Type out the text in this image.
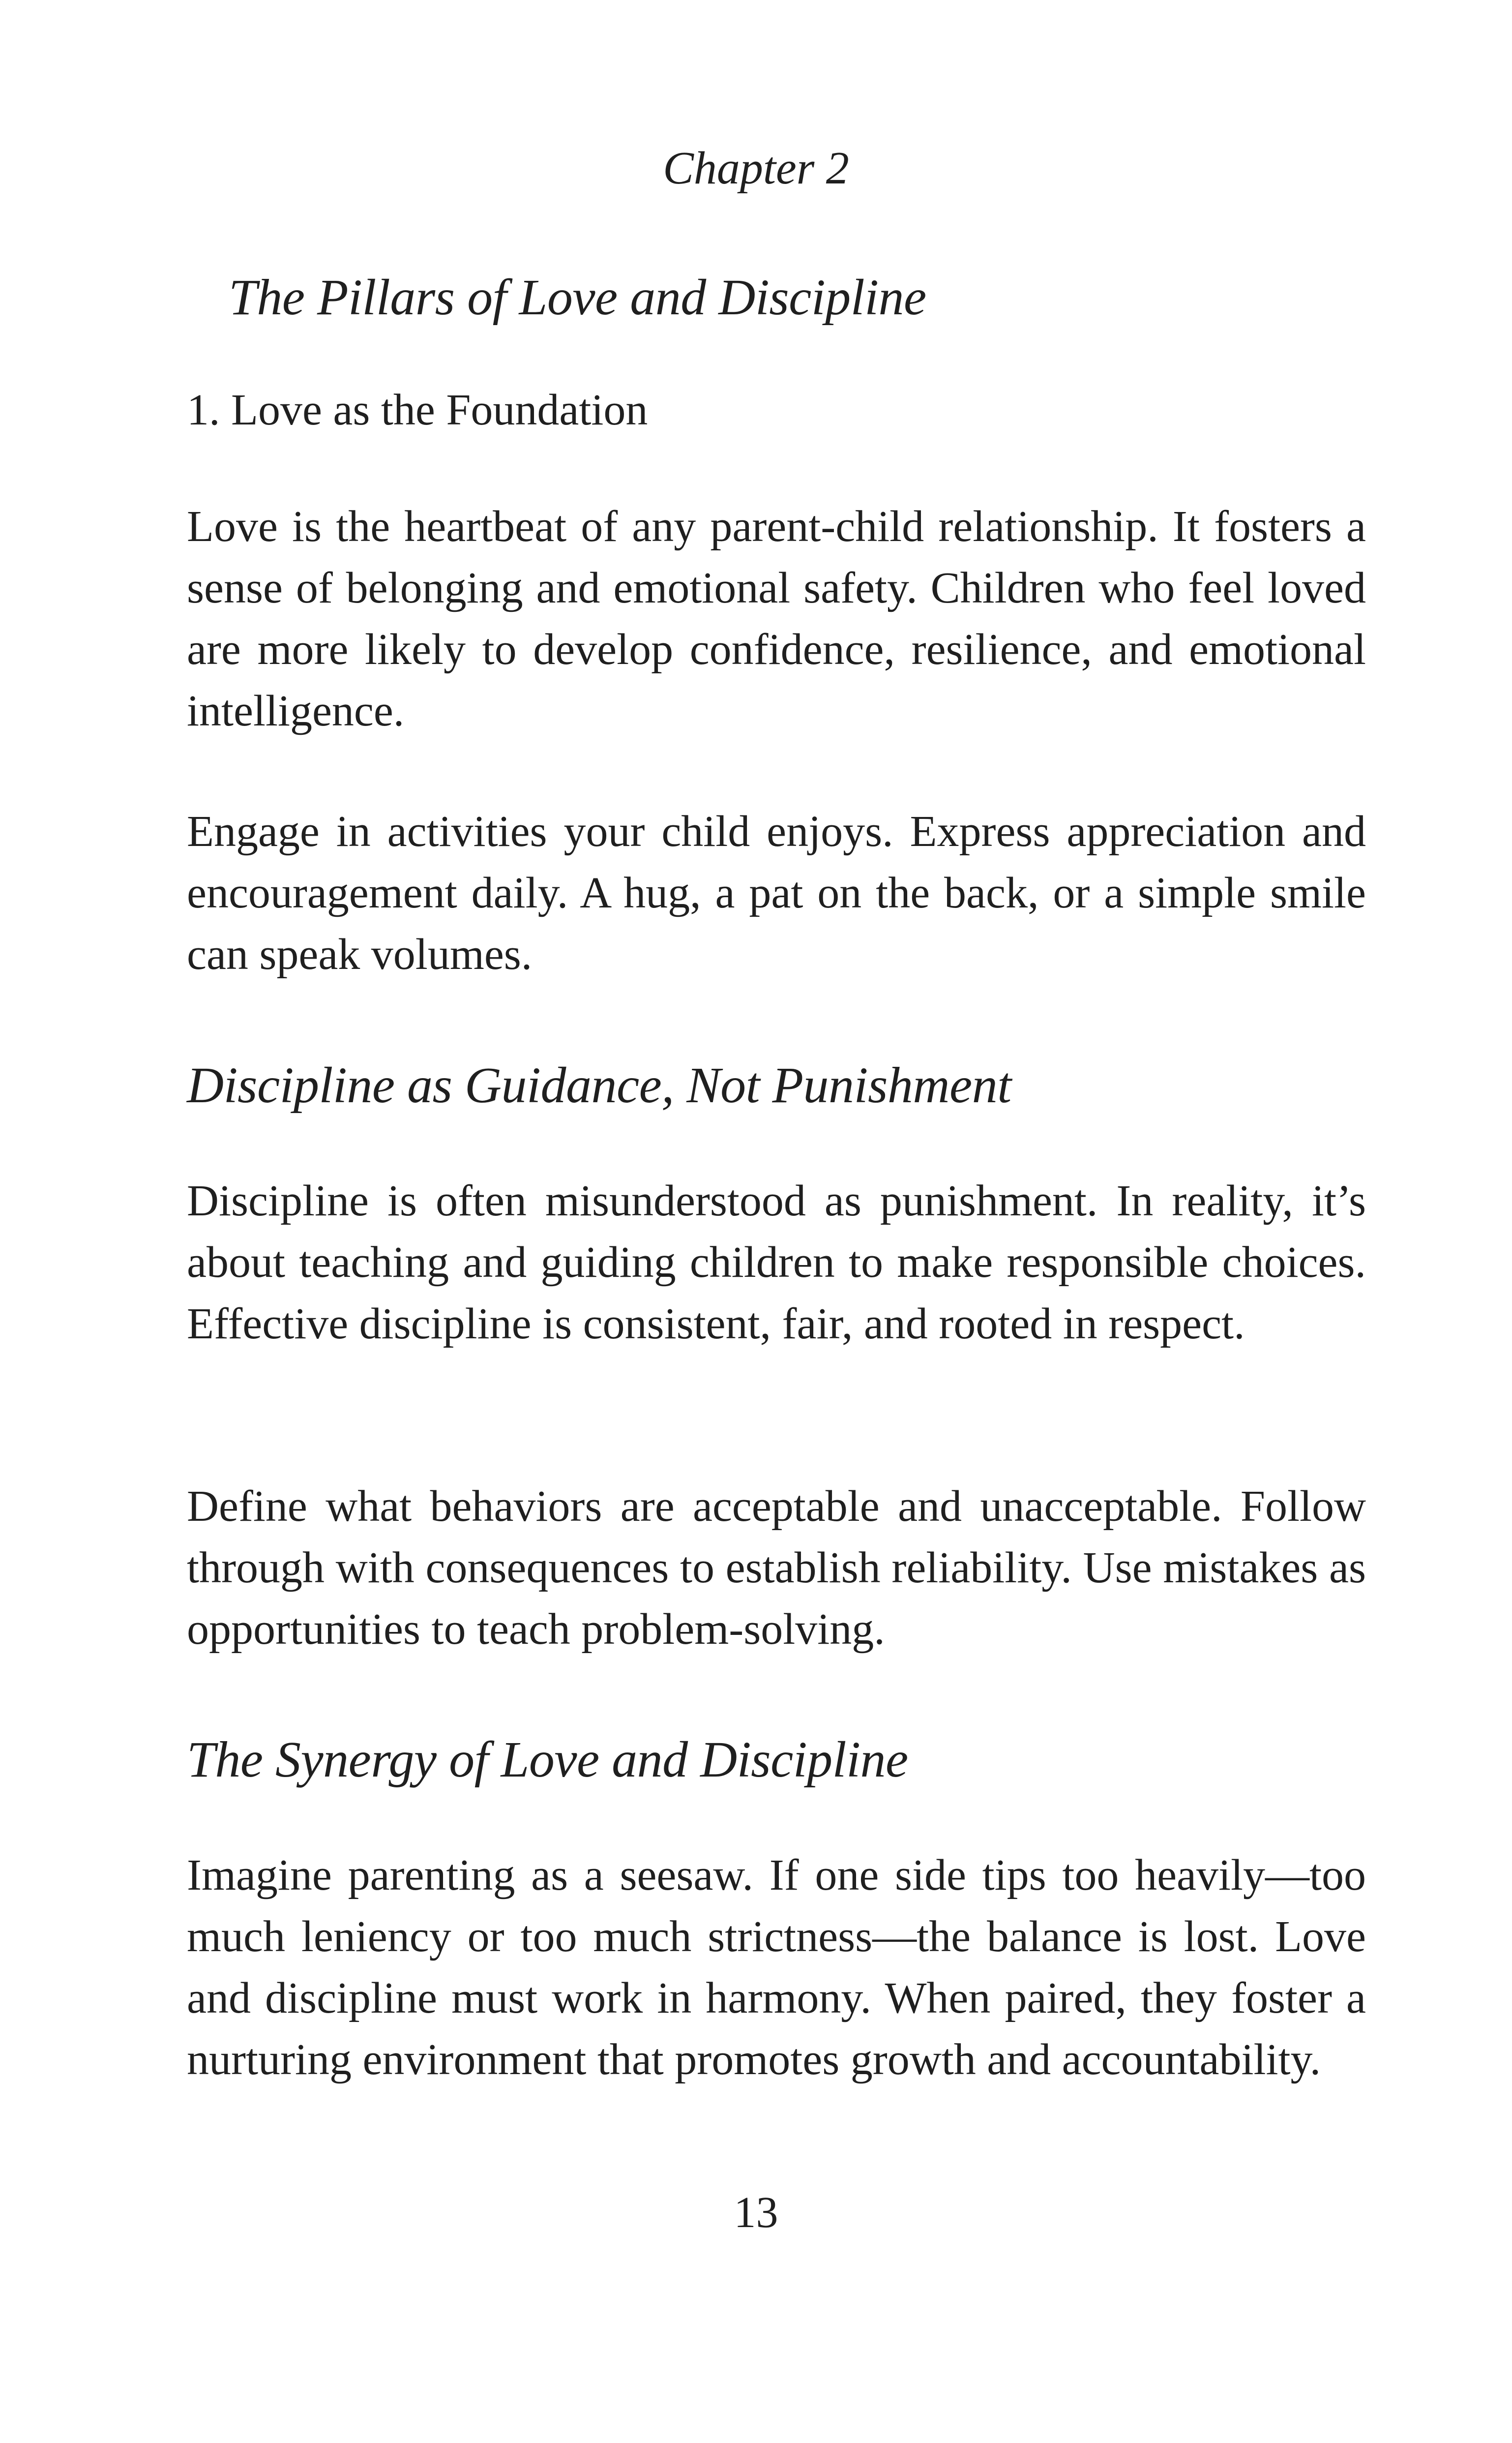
Chapter 2
The Pillars of Love and Discipline
1. Love as the Foundation

Love is the heartbeat of any parent-child relationship. It fosters a sense of belonging and emotional safety. Children who feel loved are more likely to develop confidence, resilience, and emotional intelligence.

Engage in activities your child enjoys. Express appreciation and encouragement daily. A hug, a pat on the back, or a simple smile can speak volumes.

Discipline as Guidance, Not Punishment

Discipline is often misunderstood as punishment. In reality, it’s about teaching and guiding children to make responsible choices. Effective discipline is consistent, fair, and rooted in respect.

Define what behaviors are acceptable and unacceptable. Follow through with consequences to establish reliability. Use mistakes as opportunities to teach problem-solving.

The Synergy of Love and Discipline

Imagine parenting as a seesaw. If one side tips too heavily—too much leniency or too much strictness—the balance is lost. Love and discipline must work in harmony. When paired, they foster a nurturing environment that promotes growth and accountability.

13
